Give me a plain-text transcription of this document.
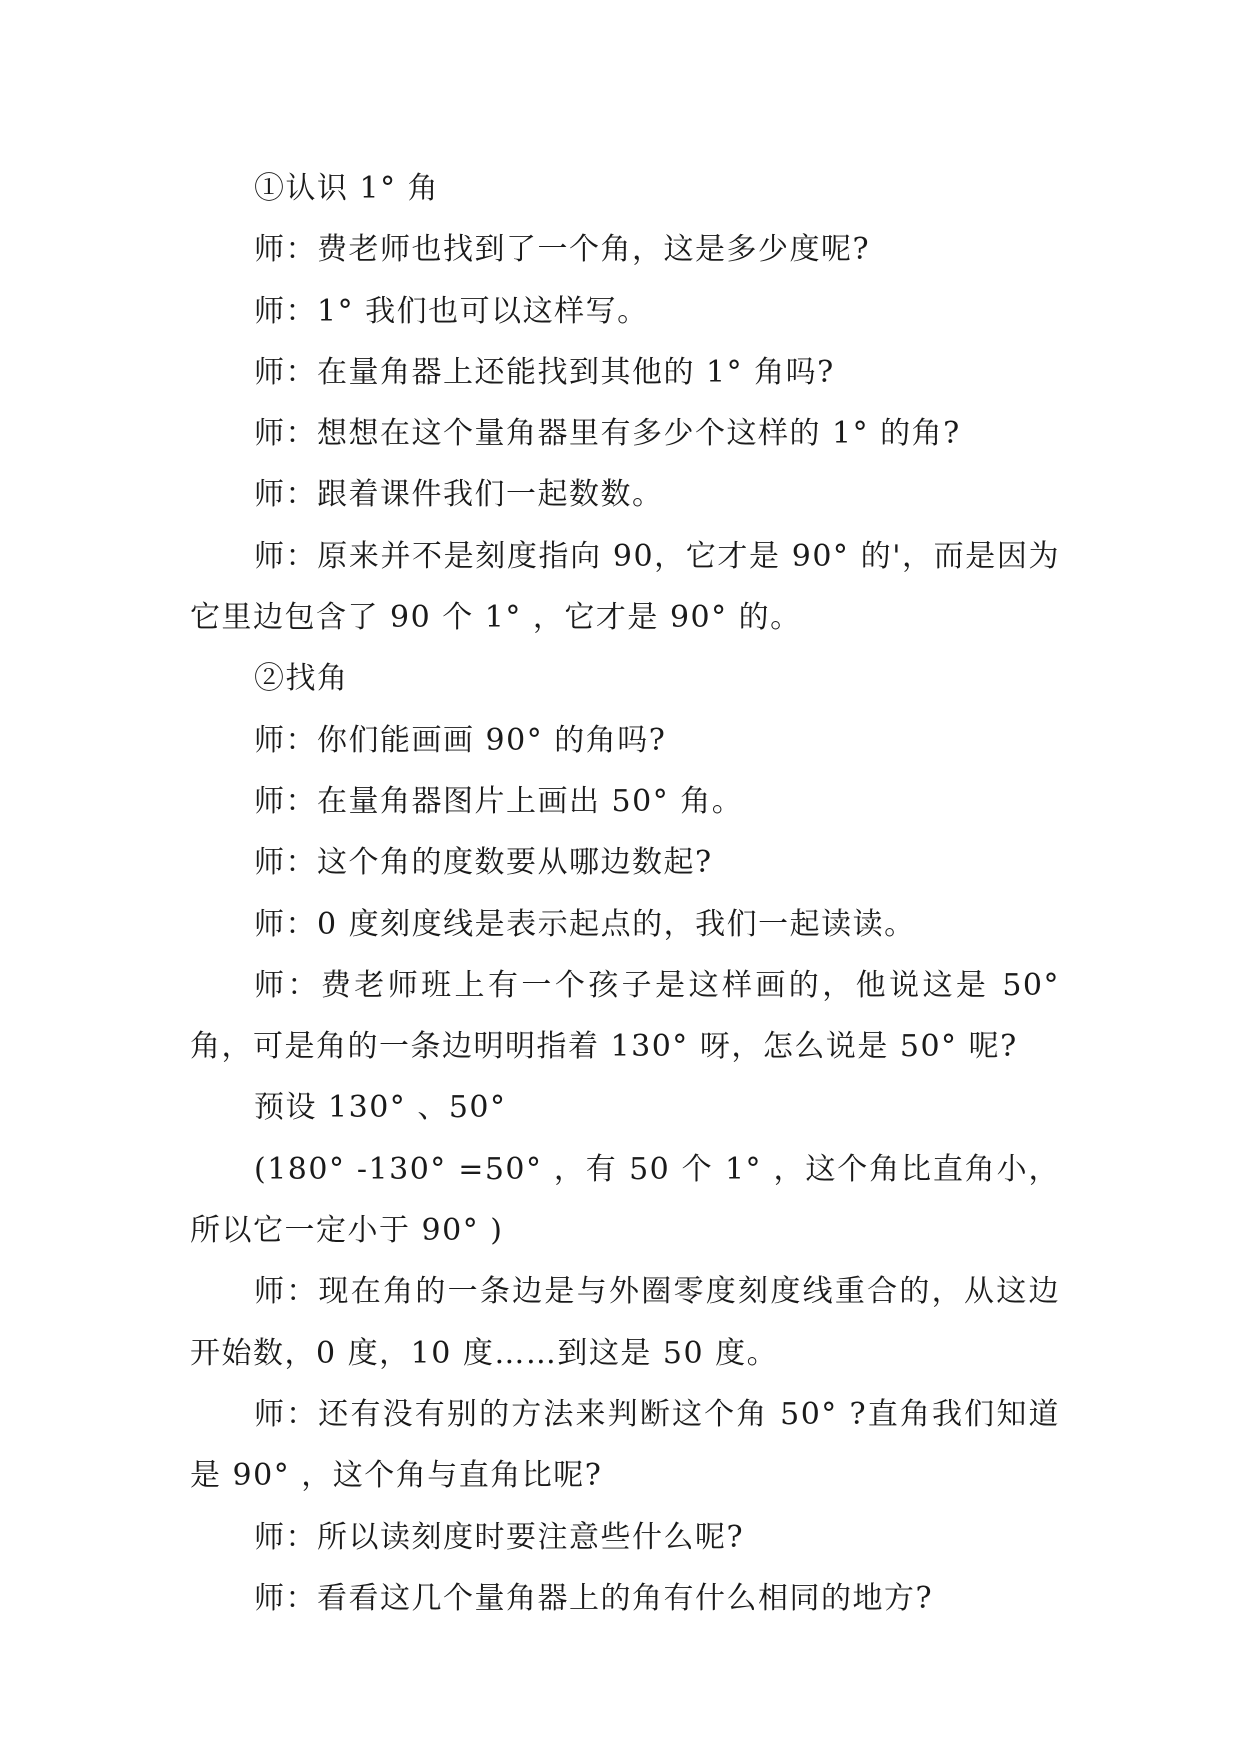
①认识 1° 角

师：费老师也找到了一个角，这是多少度呢?

师：1° 我们也可以这样写。

师：在量角器上还能找到其他的 1° 角吗?

师：想想在这个量角器里有多少个这样的 1° 的角?

师：跟着课件我们一起数数。

师：原来并不是刻度指向 90，它才是 90° 的'，而是因为它里边包含了 90 个 1° ，它才是 90° 的。

②找角

师：你们能画画 90° 的角吗?

师：在量角器图片上画出 50° 角。

师：这个角的度数要从哪边数起?

师：0 度刻度线是表示起点的，我们一起读读。

师：费老师班上有一个孩子是这样画的，他说这是 50° 角，可是角的一条边明明指着 130° 呀，怎么说是 50° 呢?

预设 130° 、50°

(180° -130° =50° ，有 50 个 1° ，这个角比直角小，所以它一定小于 90° )

师：现在角的一条边是与外圈零度刻度线重合的，从这边开始数，0 度，10 度……到这是 50 度。

师：还有没有别的方法来判断这个角 50° ?直角我们知道是 90° ，这个角与直角比呢?

师：所以读刻度时要注意些什么呢?

师：看看这几个量角器上的角有什么相同的地方?
